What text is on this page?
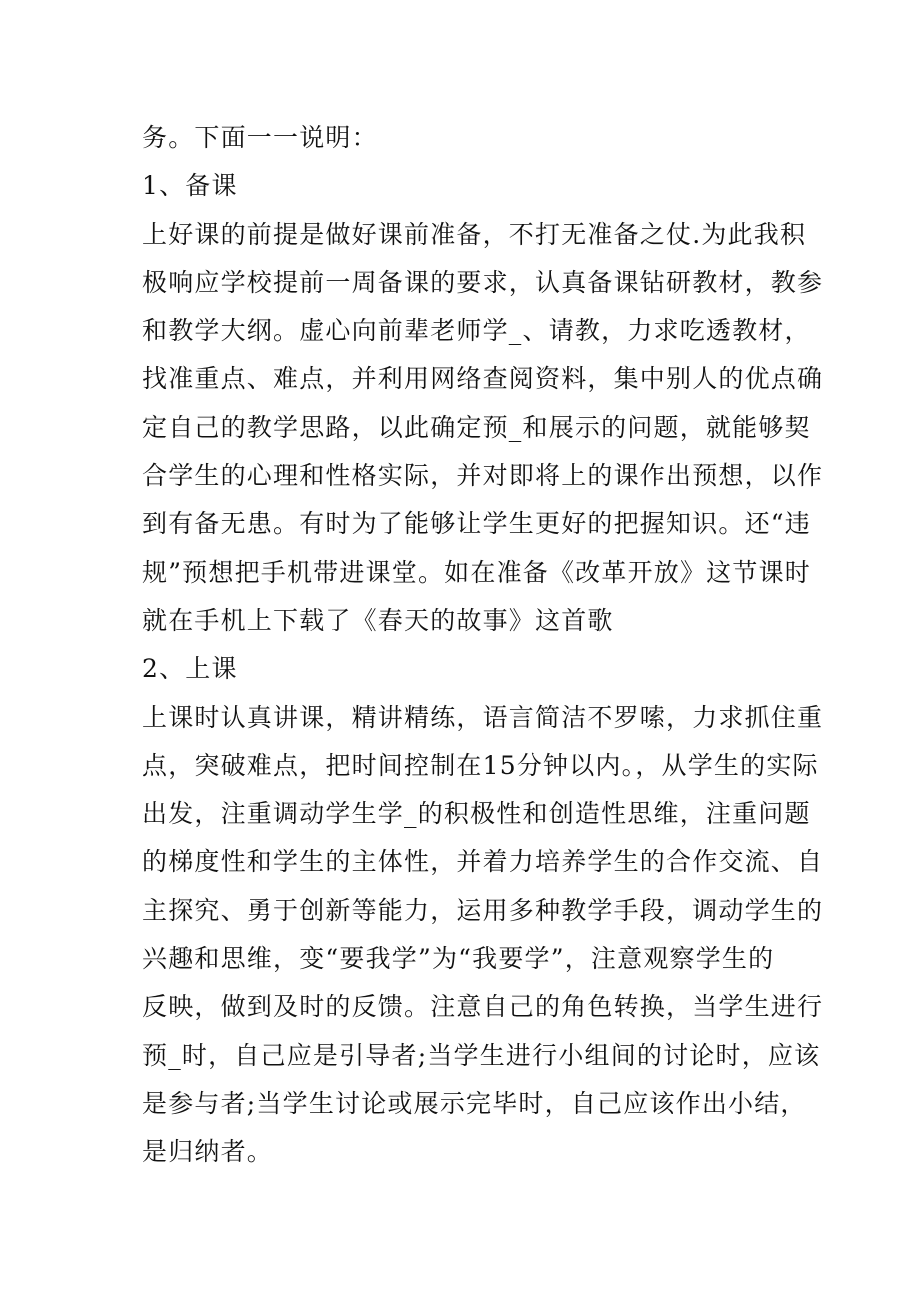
务。下面一一说明：
1、备课
上好课的前提是做好课前准备，不打无准备之仗.为此我积
极响应学校提前一周备课的要求，认真备课钻研教材，教参
和教学大纲。虚心向前辈老师学_、请教，力求吃透教材，
找准重点、难点，并利用网络查阅资料，集中别人的优点确
定自己的教学思路，以此确定预_和展示的问题，就能够契
合学生的心理和性格实际，并对即将上的课作出预想，以作
到有备无患。有时为了能够让学生更好的把握知识。还“违
规”预想把手机带进课堂。如在准备《改革开放》这节课时
就在手机上下载了《春天的故事》这首歌
2、上课
上课时认真讲课，精讲精练，语言简洁不罗嗦，力求抓住重
点，突破难点，把时间控制在15分钟以内。，从学生的实际
出发，注重调动学生学_的积极性和创造性思维，注重问题
的梯度性和学生的主体性，并着力培养学生的合作交流、自
主探究、勇于创新等能力，运用多种教学手段，调动学生的
兴趣和思维，变“要我学”为“我要学”，注意观察学生的
反映，做到及时的反馈。注意自己的角色转换，当学生进行
预_时，自己应是引导者;当学生进行小组间的讨论时，应该
是参与者;当学生讨论或展示完毕时，自己应该作出小结，
是归纳者。
